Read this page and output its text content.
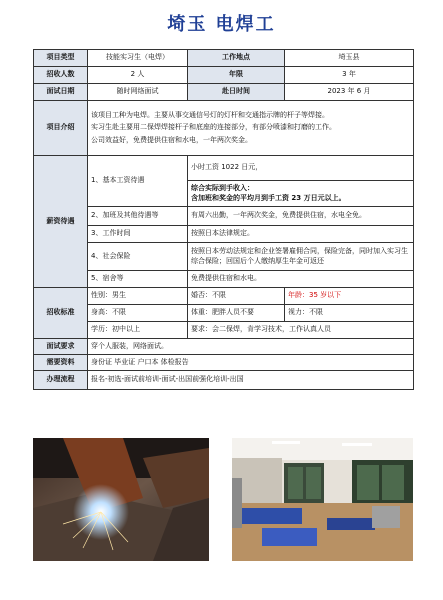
埼玉 电焊工
项目类型	技能实习生（电焊）	工作地点	埼玉县
招收人数	2 人	年限	3 年
面试日期	随时网络面试	赴日时间	2023 年 6 月
项目介绍	该项目工种为电焊。主要从事交通信号灯的灯杆和交通指示牌的杆子等焊接。
实习生赴主要用二保焊焊接杆子和底座的连接部分，有部分喷漆和打磨的工作。
公司效益好，免费提供住宿和水电，一年两次奖金。		

薪资待遇	1、基本工资待遇	小时工资 1022 日元，	

		综合实际到手收入：
含加班和奖金的平均月到手工资 23 万日元以上。	

	2、加班及其他待遇等	有周六出勤，一年两次奖金，免费提供住宿，水电全免。	
	3、工作时间	按照日本法律规定。	
	4、社会保险	按照日本劳动法规定和企业签署雇佣合同，保险完备，同时加入实习生综合保险；回国后个人缴纳厚生年金可返还	
	5、宿舍等	免费提供住宿和水电。	
招收标准	性别：男生	婚否：不限	年龄：35 岁以下
	身高：不限	体重：肥胖人员不要	视力：不限
	学历：初中以上	要求：会二保焊，肯学习技术，工作认真人员	
面试要求	穿个人服装，网络面试。		
需要资料	身份证 毕业证 户口本 体检报告		
办理流程	报名-初选-面试前培训-面试-出国前强化培训-出国		
